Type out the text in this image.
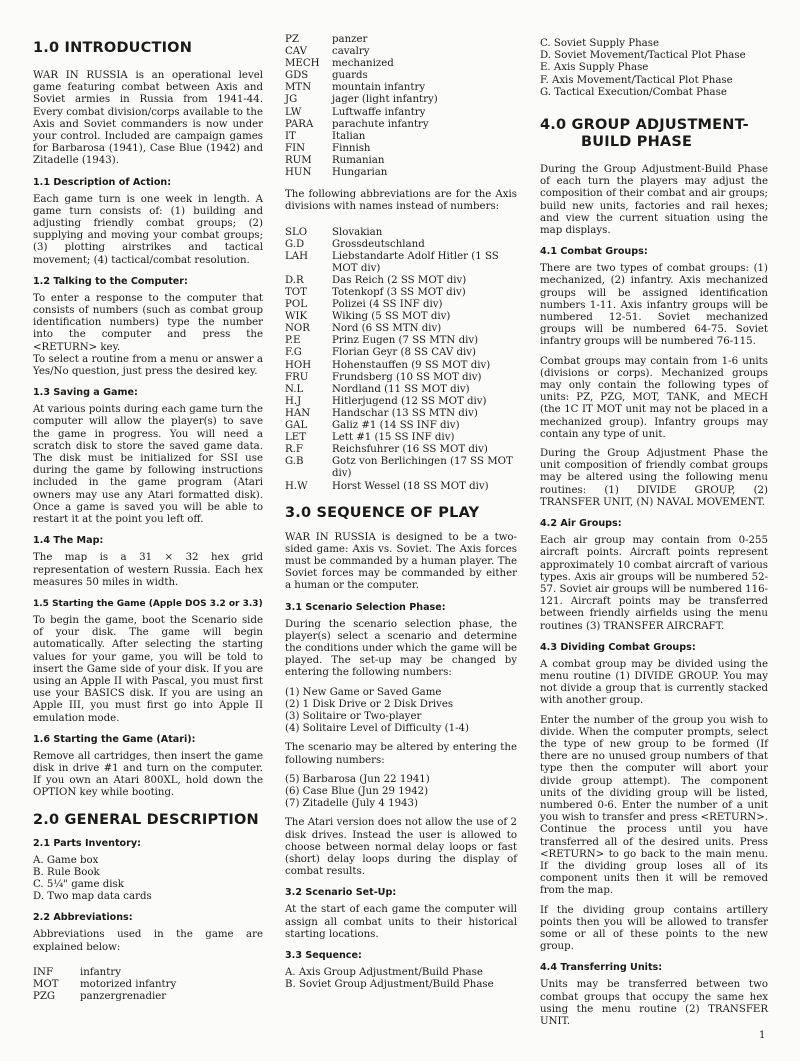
1.0 INTRODUCTION

WAR IN RUSSIA is an operational level game featuring combat between Axis and Soviet armies in Russia from 1941-44. Every combat division/corps available to the Axis and Soviet commanders is now under your control. Included are campaign games for Barbarosa (1941), Case Blue (1942) and Zitadelle (1943).

1.1 Description of Action:

Each game turn is one week in length. A game turn consists of: (1) building and adjusting friendly combat groups; (2) supplying and moving your combat groups; (3) plotting airstrikes and tactical movement; (4) tactical/combat resolution.

1.2 Talking to the Computer:

To enter a response to the computer that consists of numbers (such as combat group identification numbers) type the number into the computer and press the <RETURN> key.

To select a routine from a menu or answer a Yes/No question, just press the desired key.

1.3 Saving a Game:

At various points during each game turn the computer will allow the player(s) to save the game in progress. You will need a scratch disk to store the saved game data. The disk must be initialized for SSI use during the game by following instructions included in the game program (Atari owners may use any Atari formatted disk). Once a game is saved you will be able to restart it at the point you left off.

1.4 The Map:

The map is a 31 × 32 hex grid representation of western Russia. Each hex measures 50 miles in width.

1.5 Starting the Game (Apple DOS 3.2 or 3.3)

To begin the game, boot the Scenario side of your disk. The game will begin automatically. After selecting the starting values for your game, you will be told to insert the Game side of your disk. If you are using an Apple II with Pascal, you must first use your BASICS disk. If you are using an Apple III, you must first go into Apple II emulation mode.

1.6 Starting the Game (Atari):

Remove all cartridges, then insert the game disk in drive #1 and turn on the computer. If you own an Atari 800XL, hold down the OPTION key while booting.

2.0 GENERAL DESCRIPTION
2.1 Parts Inventory:
A. Game box
B. Rule Book
C. 5¼" game disk
D. Two map data cards
2.2 Abbreviations:

Abbreviations used in the game are explained below:

INF	infantry
MOT	motorized infantry
PZG	panzergrenadier
PZ	panzer
CAV	cavalry
MECH	mechanized
GDS	guards
MTN	mountain infantry
JG	jager (light infantry)
LW	Luftwaffe infantry
PARA	parachute infantry
IT	Italian
FIN	Finnish
RUM	Rumanian
HUN	Hungarian

The following abbreviations are for the Axis divisions with names instead of numbers:

SLO	Slovakian
G.D	Grossdeutschland
LAH	Liebstandarte Adolf Hitler (1 SS MOT div)
D.R	Das Reich (2 SS MOT div)
TOT	Totenkopf (3 SS MOT div)
POL	Polizei (4 SS INF div)
WIK	Wiking (5 SS MOT div)
NOR	Nord (6 SS MTN div)
P.E	Prinz Eugen (7 SS MTN div)
F.G	Florian Geyr (8 SS CAV div)
HOH	Hohenstauffen (9 SS MOT div)
FRU	Frundsberg (10 SS MOT div)
N.L	Nordland (11 SS MOT div)
H.J	Hitlerjugend (12 SS MOT div)
HAN	Handschar (13 SS MTN div)
GAL	Galiz #1 (14 SS INF div)
LET	Lett #1 (15 SS INF div)
R.F	Reichsfuhrer (16 SS MOT div)
G.B	Gotz von Berlichingen (17 SS MOT div)
H.W	Horst Wessel (18 SS MOT div)
3.0 SEQUENCE OF PLAY

WAR IN RUSSIA is designed to be a two-sided game: Axis vs. Soviet. The Axis forces must be commanded by a human player. The Soviet forces may be commanded by either a human or the computer.

3.1 Scenario Selection Phase:

During the scenario selection phase, the player(s) select a scenario and determine the conditions under which the game will be played. The set-up may be changed by entering the following numbers:

(1) New Game or Saved Game
(2) 1 Disk Drive or 2 Disk Drives
(3) Solitaire or Two-player
(4) Solitaire Level of Difficulty (1-4)

The scenario may be altered by entering the following numbers:

(5) Barbarosa (Jun 22 1941)
(6) Case Blue (Jun 29 1942)
(7) Zitadelle (July 4 1943)

The Atari version does not allow the use of 2 disk drives. Instead the user is allowed to choose between normal delay loops or fast (short) delay loops during the display of combat results.

3.2 Scenario Set-Up:

At the start of each game the computer will assign all combat units to their historical starting locations.

3.3 Sequence:
A. Axis Group Adjustment/Build Phase
B. Soviet Group Adjustment/Build Phase
C. Soviet Supply Phase
D. Soviet Movement/Tactical Plot Phase
E. Axis Supply Phase
F. Axis Movement/Tactical Plot Phase
G. Tactical Execution/Combat Phase
4.0 GROUP ADJUSTMENT-
BUILD PHASE

During the Group Adjustment-Build Phase of each turn the players may adjust the composition of their combat and air groups; build new units, factories and rail hexes; and view the current situation using the map displays.

4.1 Combat Groups:

There are two types of combat groups: (1) mechanized, (2) infantry. Axis mechanized groups will be assigned identification numbers 1-11. Axis infantry groups will be numbered 12-51. Soviet mechanized groups will be numbered 64-75. Soviet infantry groups will be numbered 76-115.

Combat groups may contain from 1-6 units (divisions or corps). Mechanized groups may only contain the following types of units: PZ, PZG, MOT, TANK, and MECH (the 1C IT MOT unit may not be placed in a mechanized group). Infantry groups may contain any type of unit.

During the Group Adjustment Phase the unit composition of friendly combat groups may be altered using the following menu routines: (1) DIVIDE GROUP, (2) TRANSFER UNIT, (N) NAVAL MOVEMENT.

4.2 Air Groups:

Each air group may contain from 0-255 aircraft points. Aircraft points represent approximately 10 combat aircraft of various types. Axis air groups will be numbered 52-57. Soviet air groups will be numbered 116-121. Aircraft points may be transferred between friendly airfields using the menu routines (3) TRANSFER AIRCRAFT.

4.3 Dividing Combat Groups:

A combat group may be divided using the menu routine (1) DIVIDE GROUP. You may not divide a group that is currently stacked with another group.

Enter the number of the group you wish to divide. When the computer prompts, select the type of new group to be formed (If there are no unused group numbers of that type then the computer will abort your divide group attempt). The component units of the dividing group will be listed, numbered 0-6. Enter the number of a unit you wish to transfer and press <RETURN>. Continue the process until you have transferred all of the desired units. Press <RETURN> to go back to the main menu. If the dividing group loses all of its component units then it will be removed from the map.

If the dividing group contains artillery points then you will be allowed to transfer some or all of these points to the new group.

4.4 Transferring Units:

Units may be transferred between two combat groups that occupy the same hex using the menu routine (2) TRANSFER UNIT.

1
